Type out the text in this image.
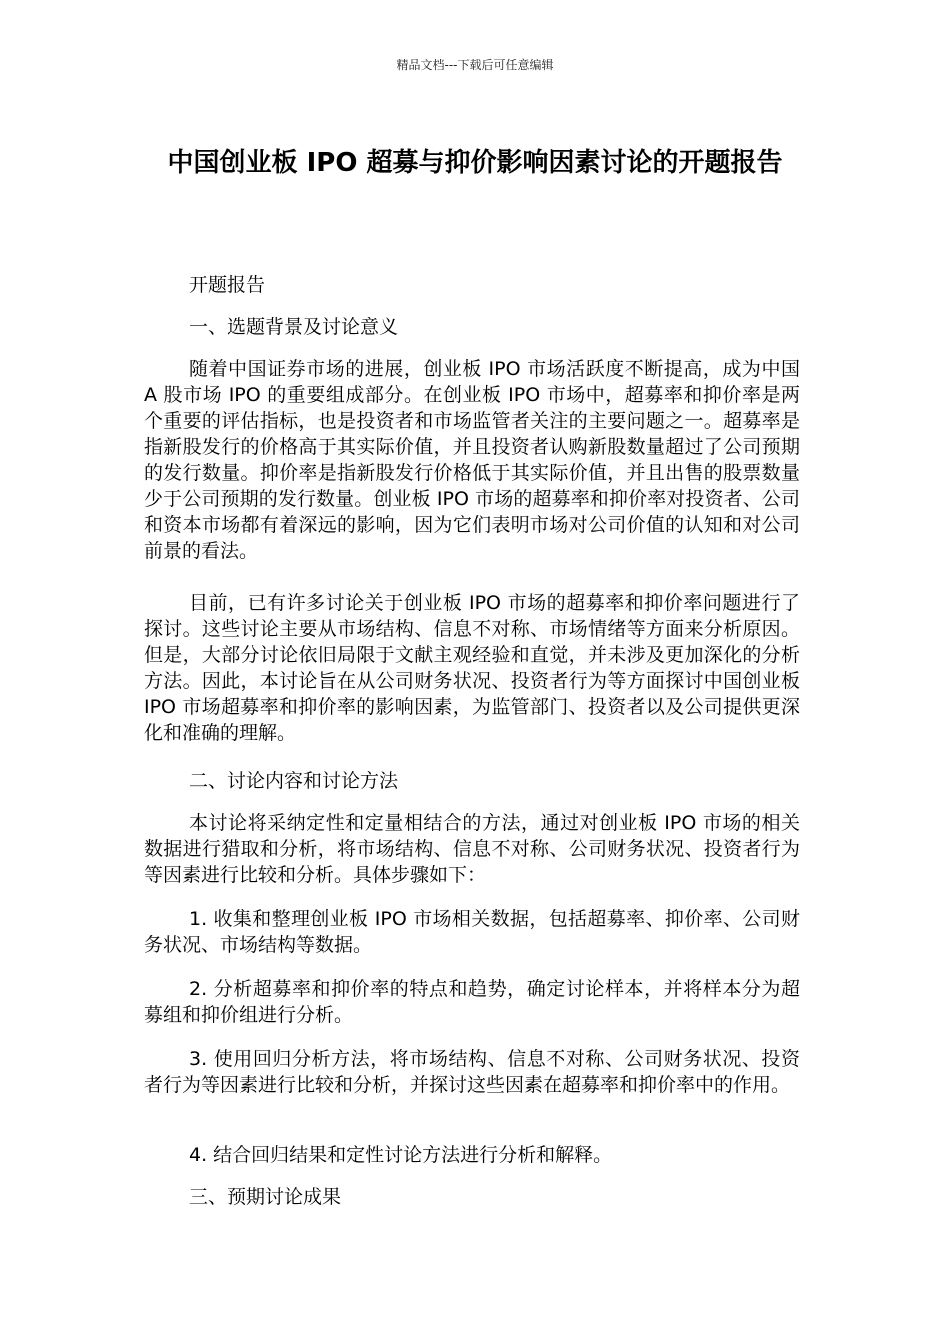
精品文档---下载后可任意编辑
中国创业板 IPO 超募与抑价影响因素讨论的开题报告

开题报告

一、选题背景及讨论意义

随着中国证券市场的进展，创业板 IPO 市场活跃度不断提高，成为中国 A 股市场 IPO 的重要组成部分。在创业板 IPO 市场中，超募率和抑价率是两个重要的评估指标，也是投资者和市场监管者关注的主要问题之一。超募率是指新股发行的价格高于其实际价值，并且投资者认购新股数量超过了公司预期的发行数量。抑价率是指新股发行价格低于其实际价值，并且出售的股票数量少于公司预期的发行数量。创业板 IPO 市场的超募率和抑价率对投资者、公司和资本市场都有着深远的影响，因为它们表明市场对公司价值的认知和对公司前景的看法。

目前，已有许多讨论关于创业板 IPO 市场的超募率和抑价率问题进行了探讨。这些讨论主要从市场结构、信息不对称、市场情绪等方面来分析原因。但是，大部分讨论依旧局限于文献主观经验和直觉，并未涉及更加深化的分析方法。因此，本讨论旨在从公司财务状况、投资者行为等方面探讨中国创业板 IPO 市场超募率和抑价率的影响因素，为监管部门、投资者以及公司提供更深化和准确的理解。

二、讨论内容和讨论方法

本讨论将采纳定性和定量相结合的方法，通过对创业板 IPO 市场的相关数据进行猎取和分析，将市场结构、信息不对称、公司财务状况、投资者行为等因素进行比较和分析。具体步骤如下：

1. 收集和整理创业板 IPO 市场相关数据，包括超募率、抑价率、公司财务状况、市场结构等数据。

2. 分析超募率和抑价率的特点和趋势，确定讨论样本，并将样本分为超募组和抑价组进行分析。

3. 使用回归分析方法，将市场结构、信息不对称、公司财务状况、投资者行为等因素进行比较和分析，并探讨这些因素在超募率和抑价率中的作用。

4. 结合回归结果和定性讨论方法进行分析和解释。

三、预期讨论成果
